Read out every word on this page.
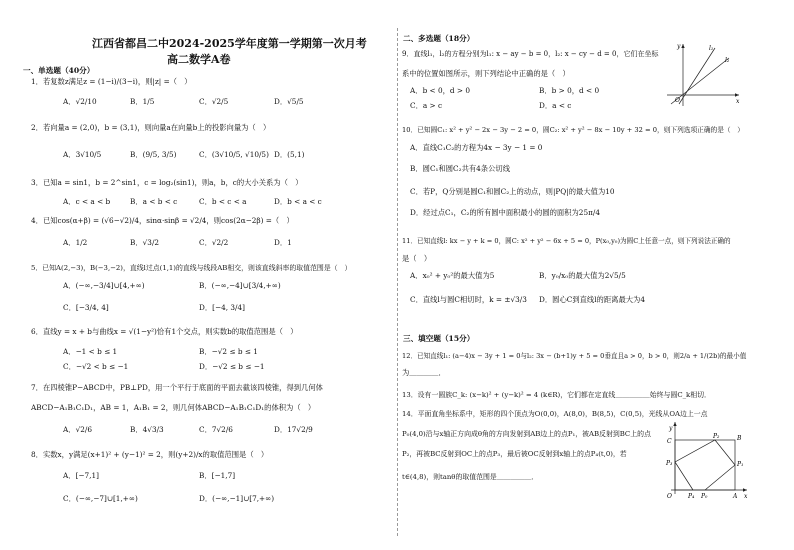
江西省都昌二中2024-2025学年度第一学期第一次月考
高二数学A卷
一、单选题（40分）
1．若复数z满足z = (1−i)/(3−i)，则|z| =（　）
A．√2/10	B．1/5	C．√2/5	D．√5/5
2．若向量a = (2,0)，b = (3,1)，则向量a在向量b上的投影向量为（　）
A．3√10/5	B．(9/5, 3/5)	C．(3√10/5, √10/5) D．(5,1)
3．已知a = sin1，b = 2^sin1，c = log₂(sin1)，则a，b，c的大小关系为（　）
A．c < a < b	B．a < b < c	C．b < c < a	D．b < a < c
4．已知cos(α+β) = (√6−√2)/4，sinα·sinβ = √2/4，则cos(2α−2β) =（　）
A．1/2	B．√3/2	C．√2/2	D．1
5．已知A(2,−3)，B(−3,−2)，直线l过点(1,1)的直线与线段AB相交，则该直线斜率的取值范围是（　）
A．(−∞,−3/4]∪[4,+∞)	B．(−∞,−4]∪[3/4,+∞)
C．[−3/4, 4]	D．[−4, 3/4]
6．直线y = x + b与曲线x = √(1−y²)恰有1个交点，则实数b的取值范围是（　）
A．−1 < b ≤ 1	B．−√2 ≤ b ≤ 1
C．−√2 < b ≤ −1	D．−√2 ≤ b ≤ −1
7．在四棱锥P−ABCD中，PB⊥PD，用一个平行于底面的平面去截该四棱锥，得到几何体
ABCD−A₁B₁C₁D₁，AB = 1，A₁B₁ = 2，则几何体ABCD−A₁B₁C₁D₁的体积为（　）
A．√2/6	B．4√3/3	C．7√2/6	D．17√2/9
8．实数x，y满足(x+1)² + (y−1)² = 2，则(y+2)/x的取值范围是（　）
A．[−7,1]	B．[−1,7]
C．(−∞,−7]∪[1,+∞)	D．(−∞,−1]∪[7,+∞)
二、多选题（18分）
9．直线l₁，l₂的方程分别为l₁: x − ay − b = 0，l₂: x − cy − d = 0，它们在坐标
系中的位置如图所示，则下列结论中正确的是（　）
A．b < 0，d > 0	B．b > 0，d < 0
C．a > c	D．a < c
y
x
O
l₁
l₂
10．已知圆C₁: x² + y² − 2x − 3y − 2 = 0，圆C₂: x² + y² − 8x − 10y + 32 = 0，则下列选项正确的是（　）
A．直线C₁C₂的方程为4x − 3y − 1 = 0
B．圆C₁和圆C₂共有4条公切线
C．若P，Q分别是圆C₁和圆C₂上的动点，则|PQ|的最大值为10
D．经过点C₁，C₂的所有圆中面积最小的圆的面积为25π/4
11．已知直线l: kx − y + k = 0，圆C: x² + y² − 6x + 5 = 0，P(x₀,y₀)为圆C上任意一点，则下列说法正确的
是（　）
A．x₀² + y₀²的最大值为5	B．y₀/x₀的最大值为2√5/5
C．直线l与圆C相切时，k = ±√3/3 D．圆心C到直线l的距离最大为4
三、填空题（15分）
12．已知直线l₁: (a−4)x − 3y + 1 = 0与l₂: 3x − (b+1)y + 5 = 0垂直且a > 0，b > 0，则2/a + 1/(2b)的最小值
为＿＿＿＿．
13．设有一圆族C_k: (x−k)² + (y−k)² = 4 (k∈R)，它们都在定直线＿＿＿＿＿始终与圆C_k相切．
14．平面直角坐标系中，矩形的四个顶点为O(0,0)，A(8,0)，B(8,5)，C(0,5)，光线从OA边上一点
P₀(4,0)沿与x轴正方向成θ角的方向发射到AB边上的点P₁，被AB反射到BC上的点
P₂，再被BC反射到OC上的点P₃，最后被OC反射到x轴上的点P₄(t,0)，若
t∈(4,8)，则tanθ的取值范围是＿＿＿＿＿．
y
x
O	A
B
C
P₀
P₁
P₂
P₃
P₄
